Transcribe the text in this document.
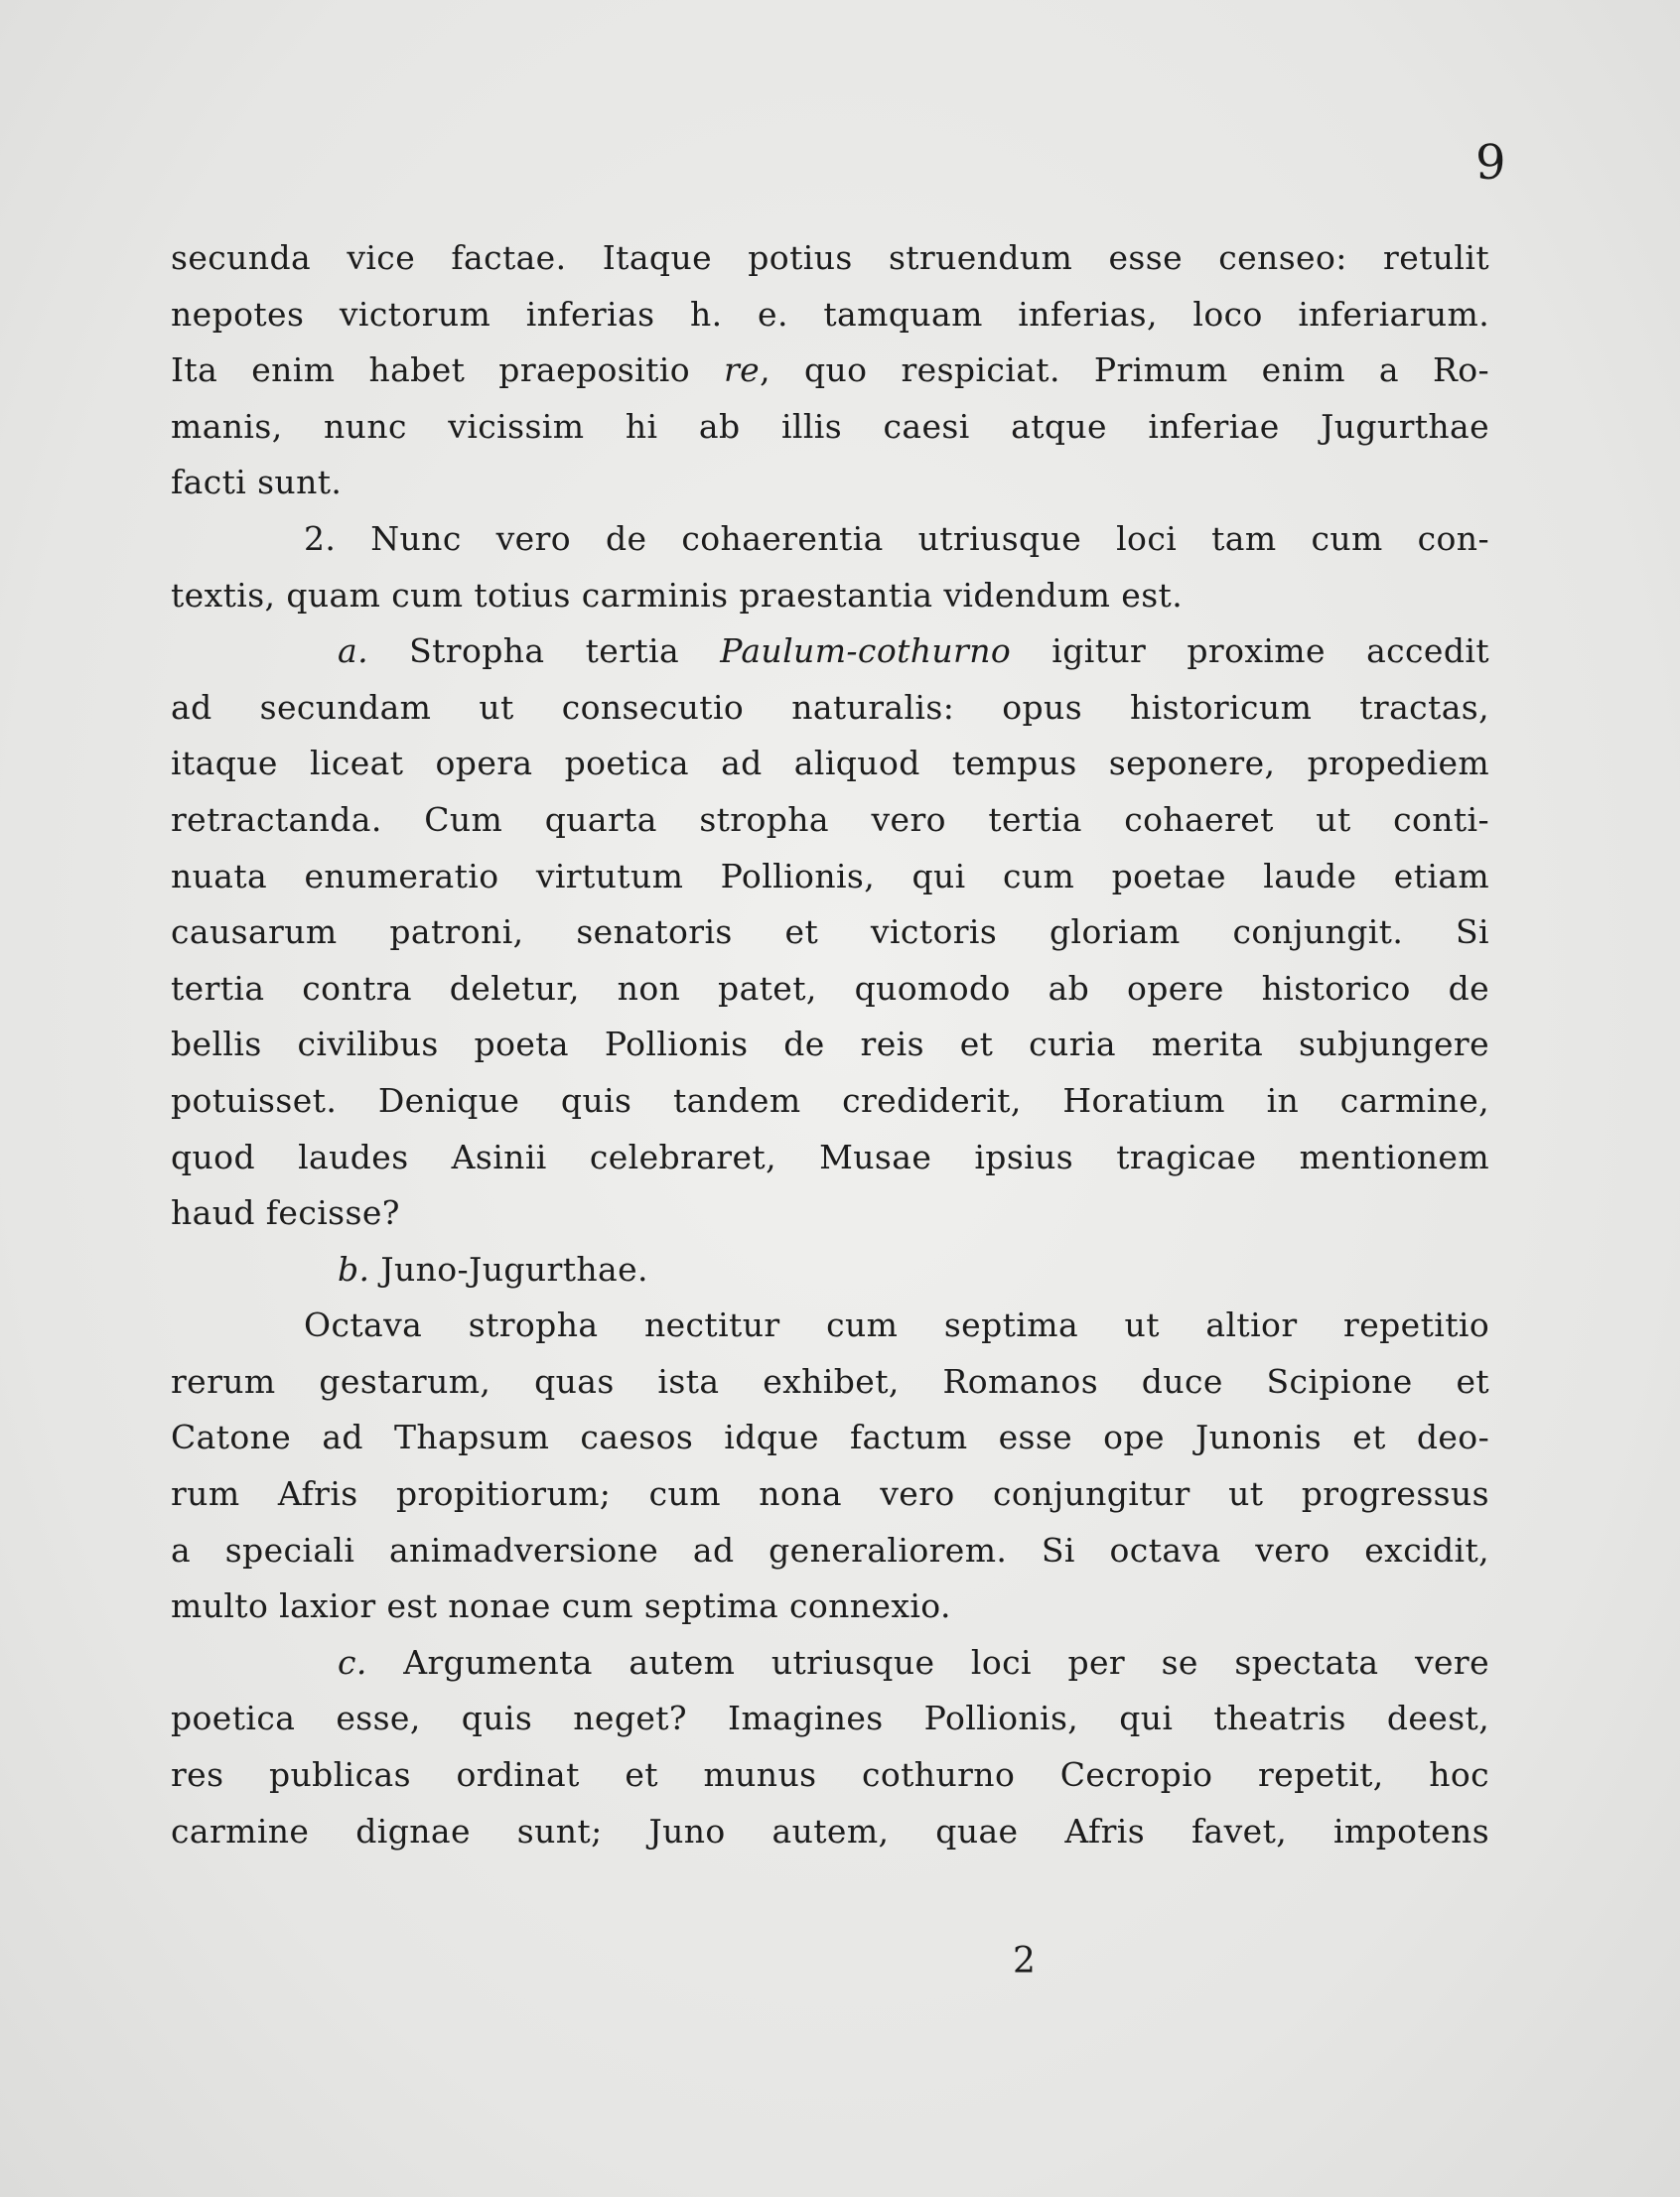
9
secunda vice factae. Itaque potius struendum esse censeo: retulit
nepotes victorum inferias h. e. tamquam inferias, loco inferiarum.
Ita enim habet praepositio re, quo respiciat. Primum enim a Ro-
manis, nunc vicissim hi ab illis caesi atque inferiae Jugurthae
facti sunt.
2. Nunc vero de cohaerentia utriusque loci tam cum con-
textis, quam cum totius carminis praestantia videndum est.
a. Stropha tertia Paulum-cothurno igitur proxime accedit
ad secundam ut consecutio naturalis: opus historicum tractas,
itaque liceat opera poetica ad aliquod tempus seponere, propediem
retractanda. Cum quarta stropha vero tertia cohaeret ut conti-
nuata enumeratio virtutum Pollionis, qui cum poetae laude etiam
causarum patroni, senatoris et victoris gloriam conjungit. Si
tertia contra deletur, non patet, quomodo ab opere historico de
bellis civilibus poeta Pollionis de reis et curia merita subjungere
potuisset. Denique quis tandem crediderit, Horatium in carmine,
quod laudes Asinii celebraret, Musae ipsius tragicae mentionem
haud fecisse?
b. Juno-Jugurthae.
Octava stropha nectitur cum septima ut altior repetitio
rerum gestarum, quas ista exhibet, Romanos duce Scipione et
Catone ad Thapsum caesos idque factum esse ope Junonis et deo-
rum Afris propitiorum; cum nona vero conjungitur ut progressus
a speciali animadversione ad generaliorem. Si octava vero excidit,
multo laxior est nonae cum septima connexio.
c. Argumenta autem utriusque loci per se spectata vere
poetica esse, quis neget? Imagines Pollionis, qui theatris deest,
res publicas ordinat et munus cothurno Cecropio repetit, hoc
carmine dignae sunt; Juno autem, quae Afris favet, impotens
2
